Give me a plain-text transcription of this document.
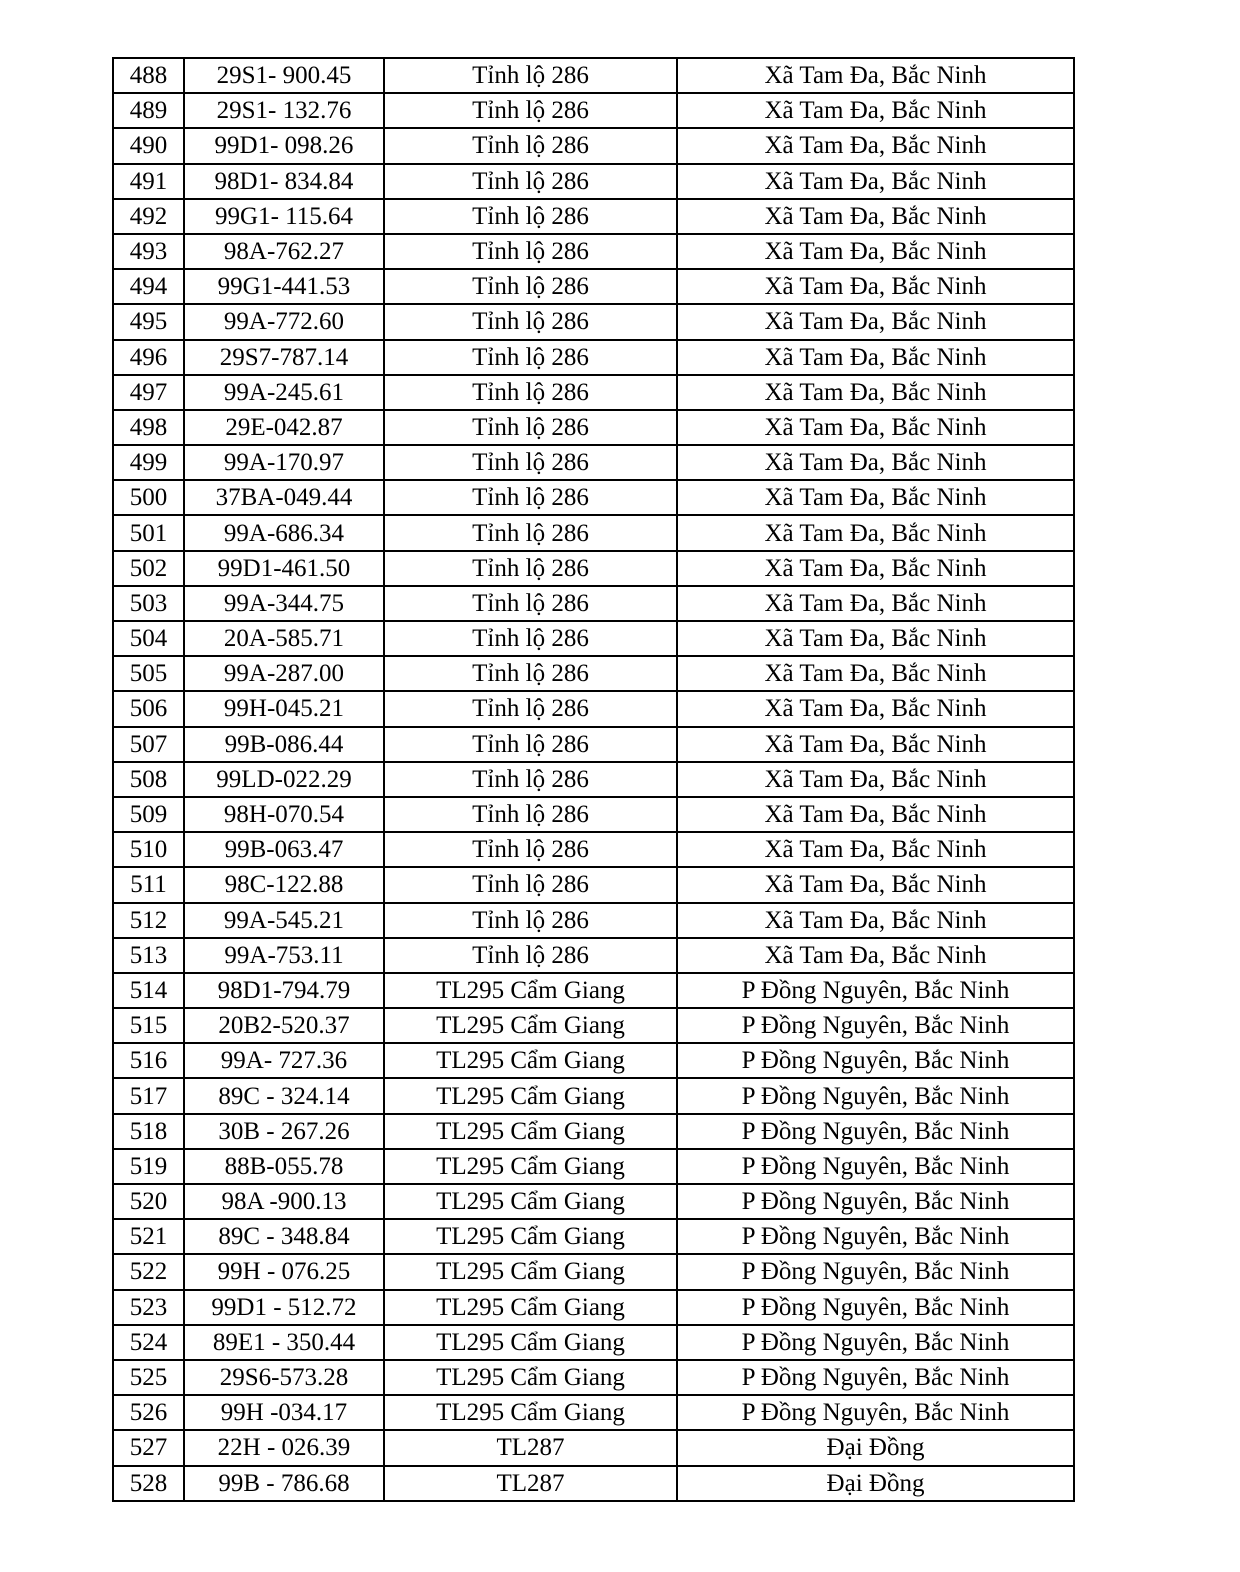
488	29S1- 900.45	Tỉnh lộ 286	Xã Tam Đa, Bắc Ninh
489	29S1- 132.76	Tỉnh lộ 286	Xã Tam Đa, Bắc Ninh
490	99D1- 098.26	Tỉnh lộ 286	Xã Tam Đa, Bắc Ninh
491	98D1- 834.84	Tỉnh lộ 286	Xã Tam Đa, Bắc Ninh
492	99G1- 115.64	Tỉnh lộ 286	Xã Tam Đa, Bắc Ninh
493	98A-762.27	Tỉnh lộ 286	Xã Tam Đa, Bắc Ninh
494	99G1-441.53	Tỉnh lộ 286	Xã Tam Đa, Bắc Ninh
495	99A-772.60	Tỉnh lộ 286	Xã Tam Đa, Bắc Ninh
496	29S7-787.14	Tỉnh lộ 286	Xã Tam Đa, Bắc Ninh
497	99A-245.61	Tỉnh lộ 286	Xã Tam Đa, Bắc Ninh
498	29E-042.87	Tỉnh lộ 286	Xã Tam Đa, Bắc Ninh
499	99A-170.97	Tỉnh lộ 286	Xã Tam Đa, Bắc Ninh
500	37BA-049.44	Tỉnh lộ 286	Xã Tam Đa, Bắc Ninh
501	99A-686.34	Tỉnh lộ 286	Xã Tam Đa, Bắc Ninh
502	99D1-461.50	Tỉnh lộ 286	Xã Tam Đa, Bắc Ninh
503	99A-344.75	Tỉnh lộ 286	Xã Tam Đa, Bắc Ninh
504	20A-585.71	Tỉnh lộ 286	Xã Tam Đa, Bắc Ninh
505	99A-287.00	Tỉnh lộ 286	Xã Tam Đa, Bắc Ninh
506	99H-045.21	Tỉnh lộ 286	Xã Tam Đa, Bắc Ninh
507	99B-086.44	Tỉnh lộ 286	Xã Tam Đa, Bắc Ninh
508	99LD-022.29	Tỉnh lộ 286	Xã Tam Đa, Bắc Ninh
509	98H-070.54	Tỉnh lộ 286	Xã Tam Đa, Bắc Ninh
510	99B-063.47	Tỉnh lộ 286	Xã Tam Đa, Bắc Ninh
511	98C-122.88	Tỉnh lộ 286	Xã Tam Đa, Bắc Ninh
512	99A-545.21	Tỉnh lộ 286	Xã Tam Đa, Bắc Ninh
513	99A-753.11	Tỉnh lộ 286	Xã Tam Đa, Bắc Ninh
514	98D1-794.79	TL295 Cẩm Giang	P Đồng Nguyên, Bắc Ninh
515	20B2-520.37	TL295 Cẩm Giang	P Đồng Nguyên, Bắc Ninh
516	99A- 727.36	TL295 Cẩm Giang	P Đồng Nguyên, Bắc Ninh
517	89C - 324.14	TL295 Cẩm Giang	P Đồng Nguyên, Bắc Ninh
518	30B - 267.26	TL295 Cẩm Giang	P Đồng Nguyên, Bắc Ninh
519	88B-055.78	TL295 Cẩm Giang	P Đồng Nguyên, Bắc Ninh
520	98A -900.13	TL295 Cẩm Giang	P Đồng Nguyên, Bắc Ninh
521	89C - 348.84	TL295 Cẩm Giang	P Đồng Nguyên, Bắc Ninh
522	99H - 076.25	TL295 Cẩm Giang	P Đồng Nguyên, Bắc Ninh
523	99D1 - 512.72	TL295 Cẩm Giang	P Đồng Nguyên, Bắc Ninh
524	89E1 - 350.44	TL295 Cẩm Giang	P Đồng Nguyên, Bắc Ninh
525	29S6-573.28	TL295 Cẩm Giang	P Đồng Nguyên, Bắc Ninh
526	99H -034.17	TL295 Cẩm Giang	P Đồng Nguyên, Bắc Ninh
527	22H - 026.39	TL287	Đại Đồng
528	99B - 786.68	TL287	Đại Đồng
